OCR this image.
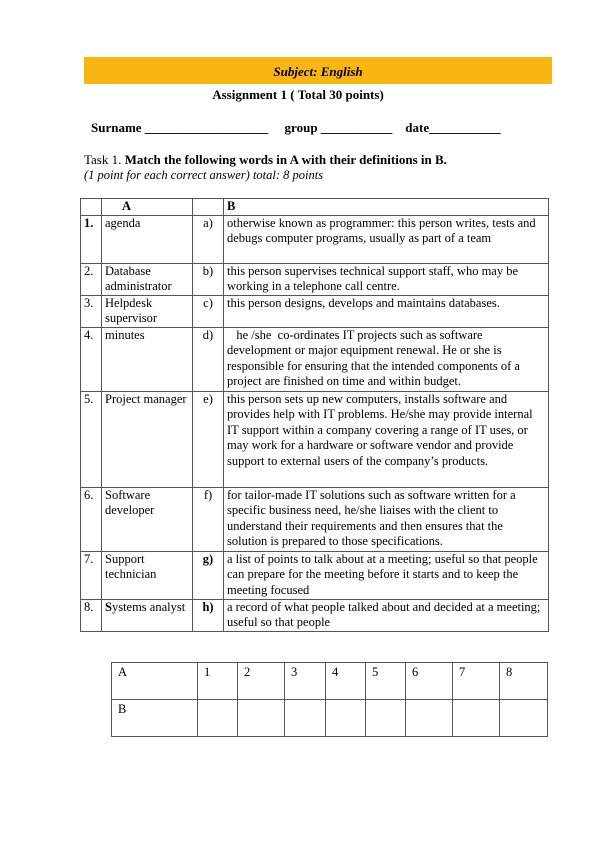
Subject: English
Assignment 1 ( Total 30 points)
Surname ___________________     group ___________    date___________
Task 1. Match the following words in A with their definitions in B.
(1 point for each correct answer) total: 8 points
	A		B
1.	agenda	a)	otherwise known as programmer: this person writes, tests and debugs computer programs, usually as part of a team
2.	Database administrator	b)	this person supervises technical support staff, who may be working in a telephone call centre.
3.	Helpdesk supervisor	c)	this person designs, develops and maintains databases.
4.	minutes	d)	he /she  co-ordinates IT projects such as software development or major equipment renewal. He or she is responsible for ensuring that the intended components of a project are finished on time and within budget.
5.	Project manager	e)	this person sets up new computers, installs software and provides help with IT problems. He/she may provide internal IT support within a company covering a range of IT uses, or may work for a hardware or software vendor and provide support to external users of the company’s products.
6.	Software developer	f)	for tailor-made IT solutions such as software written for a specific business need, he/she liaises with the client to understand their requirements and then ensures that the solution is prepared to those specifications.
7.	Support technician	g)	a list of points to talk about at a meeting; useful so that people can prepare for the meeting before it starts and to keep the meeting focused
8.	Systems analyst	h)	a record of what people talked about and decided at a meeting; useful so that people
A	1	2	3	4	5	6	7	8
B								
